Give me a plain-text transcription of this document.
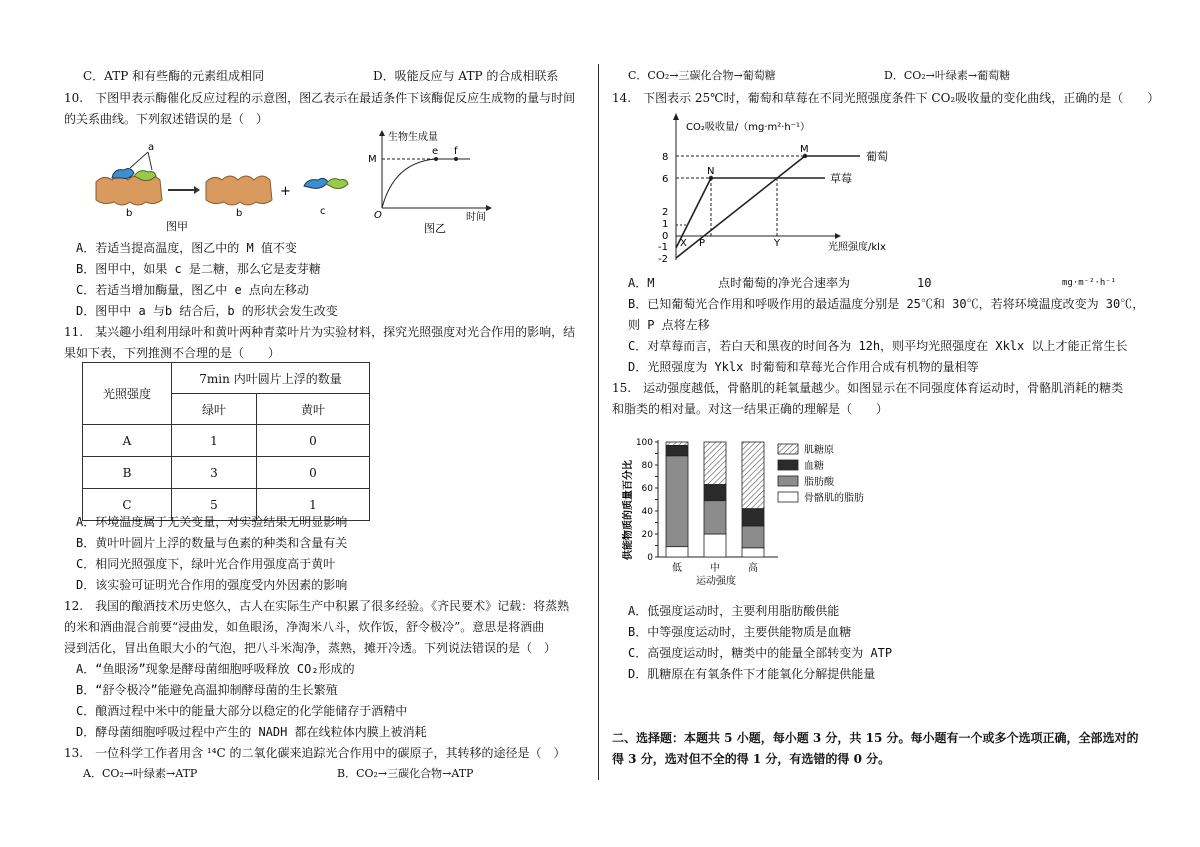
C．ATP 和有些酶的元素组成相同	D．吸能反应与 ATP 的合成相联系
10.　下图甲表示酶催化反应过程的示意图，图乙表示在最适条件下该酶促反应生成物的量与时间
的关系曲线。下列叙述错误的是（　）
a
b	b
+
c
图甲
生物生成量
M
e f
O	时间
图乙
A．若适当提高温度，图乙中的 M 值不变
B．图甲中，如果 c 是二糖，那么它是麦芽糖
C．若适当增加酶量，图乙中 e 点向左移动
D．图甲中 a 与b 结合后，b 的形状会发生改变
11.　某兴趣小组利用绿叶和黄叶两种青菜叶片为实验材料，探究光照强度对光合作用的影响，结
果如下表，下列推测不合理的是（　　）
光照强度	7min 内叶圆片上浮的数量	
	绿叶	黄叶
A	1	0
B	3	0
C	5	1
A．环境温度属于无关变量，对实验结果无明显影响
B．黄叶叶圆片上浮的数量与色素的种类和含量有关
C．相同光照强度下，绿叶光合作用强度高于黄叶
D．该实验可证明光合作用的强度受内外因素的影响
12.　我国的酿酒技术历史悠久，古人在实际生产中积累了很多经验。《齐民要术》记载：将蒸熟
的米和酒曲混合前要“浸曲发，如鱼眼汤，净淘米八斗，炊作饭，舒令极冷”。意思是将酒曲
浸到活化，冒出鱼眼大小的气泡，把八斗米淘净，蒸熟，摊开冷透。下列说法错误的是（　）
A．“鱼眼汤”现象是酵母菌细胞呼吸释放 CO₂形成的
B．“舒令极冷”能避免高温抑制酵母菌的生长繁殖
C．酿酒过程中米中的能量大部分以稳定的化学能储存于酒精中
D．酵母菌细胞呼吸过程中产生的 NADH 都在线粒体内膜上被消耗
13.　一位科学工作者用含 ¹⁴C 的二氧化碳来追踪光合作用中的碳原子，其转移的途径是（　）
A．CO₂→叶绿素→ATP	B．CO₂→三碳化合物→ATP
C．CO₂→三碳化合物→葡萄糖	D．CO₂→叶绿素→葡萄糖
14.　下图表示 25℃时，葡萄和草莓在不同光照强度条件下 CO₂吸收量的变化曲线，正确的是（　　）
CO₂吸收量/（mg·m²·h⁻¹）
8
6
2
1
0
-1
-2
M
N
X P	Y
葡萄
草莓
光照强度/klx
A．M	点时葡萄的净光合速率为	10	mg·m⁻²·h⁻¹
B．已知葡萄光合作用和呼吸作用的最适温度分别是 25℃和 30℃，若将环境温度改变为 30℃，
则 P 点将左移
C．对草莓而言，若白天和黑夜的时间各为 12h，则平均光照强度在 Xklx 以上才能正常生长
D．光照强度为 Yklx 时葡萄和草莓光合作用合成有机物的量相等
15.　运动强度越低，骨骼肌的耗氧量越少。如图显示在不同强度体育运动时，骨骼肌消耗的糖类
和脂类的相对量。对这一结果正确的理解是（　　）
供能物质的质量百分比 0
20
40
60
80
100
低	中	高
运动强度
肌糖原
血糖
脂肪酸
骨骼肌的脂肪
A．低强度运动时，主要利用脂肪酸供能
B．中等强度运动时，主要供能物质是血糖
C．高强度运动时，糖类中的能量全部转变为 ATP
D．肌糖原在有氧条件下才能氧化分解提供能量
二、选择题：本题共 5 小题，每小题 3 分，共 15 分。每小题有一个或多个选项正确，全部选对的
得 3 分，选对但不全的得 1 分，有选错的得 0 分。
